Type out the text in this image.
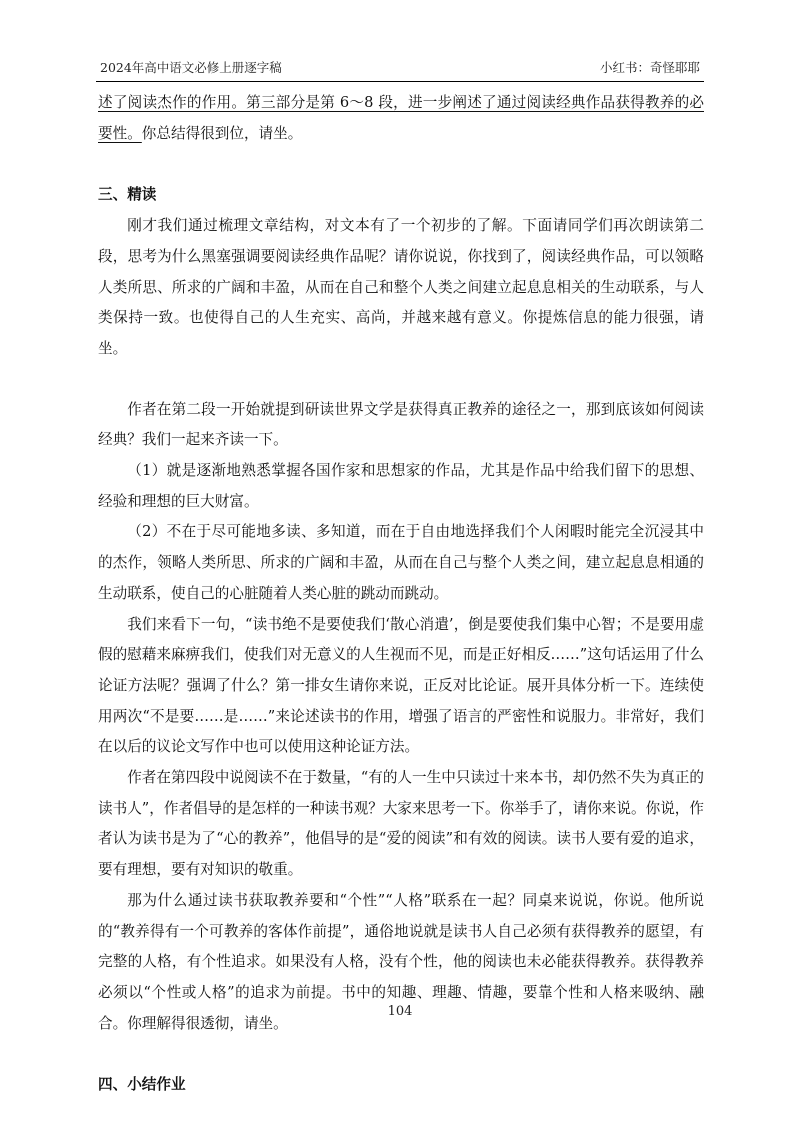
2024年高中语文必修上册逐字稿	小红书：奇怪耶耶

述了阅读杰作的作用。第三部分是第 6～8 段，进一步阐述了通过阅读经典作品获得教养的必要性。你总结得很到位，请坐。

三、精读

刚才我们通过梳理文章结构，对文本有了一个初步的了解。下面请同学们再次朗读第二段，思考为什么黑塞强调要阅读经典作品呢？请你说说，你找到了，阅读经典作品，可以领略人类所思、所求的广阔和丰盈，从而在自己和整个人类之间建立起息息相关的生动联系，与人类保持一致。也使得自己的人生充实、高尚，并越来越有意义。你提炼信息的能力很强，请坐。

作者在第二段一开始就提到研读世界文学是获得真正教养的途径之一，那到底该如何阅读经典？我们一起来齐读一下。

（1）就是逐渐地熟悉掌握各国作家和思想家的作品，尤其是作品中给我们留下的思想、经验和理想的巨大财富。

（2）不在于尽可能地多读、多知道，而在于自由地选择我们个人闲暇时能完全沉浸其中的杰作，领略人类所思、所求的广阔和丰盈，从而在自己与整个人类之间，建立起息息相通的生动联系，使自己的心脏随着人类心脏的跳动而跳动。

我们来看下一句，“读书绝不是要使我们‘散心消遣’，倒是要使我们集中心智；不是要用虚假的慰藉来麻痹我们，使我们对无意义的人生视而不见，而是正好相反……”这句话运用了什么论证方法呢？强调了什么？第一排女生请你来说，正反对比论证。展开具体分析一下。连续使用两次“不是要……是……”来论述读书的作用，增强了语言的严密性和说服力。非常好，我们在以后的议论文写作中也可以使用这种论证方法。

作者在第四段中说阅读不在于数量，“有的人一生中只读过十来本书，却仍然不失为真正的读书人”，作者倡导的是怎样的一种读书观？大家来思考一下。你举手了，请你来说。你说，作者认为读书是为了“心的教养”，他倡导的是“爱的阅读”和有效的阅读。读书人要有爱的追求，要有理想，要有对知识的敬重。

那为什么通过读书获取教养要和“个性”“人格”联系在一起？同桌来说说，你说。他所说的“教养得有一个可教养的客体作前提”，通俗地说就是读书人自己必须有获得教养的愿望，有完整的人格，有个性追求。如果没有人格，没有个性，他的阅读也未必能获得教养。获得教养必须以“个性或人格”的追求为前提。书中的知趣、理趣、情趣，要靠个性和人格来吸纳、融合。你理解得很透彻，请坐。

四、小结作业

104
